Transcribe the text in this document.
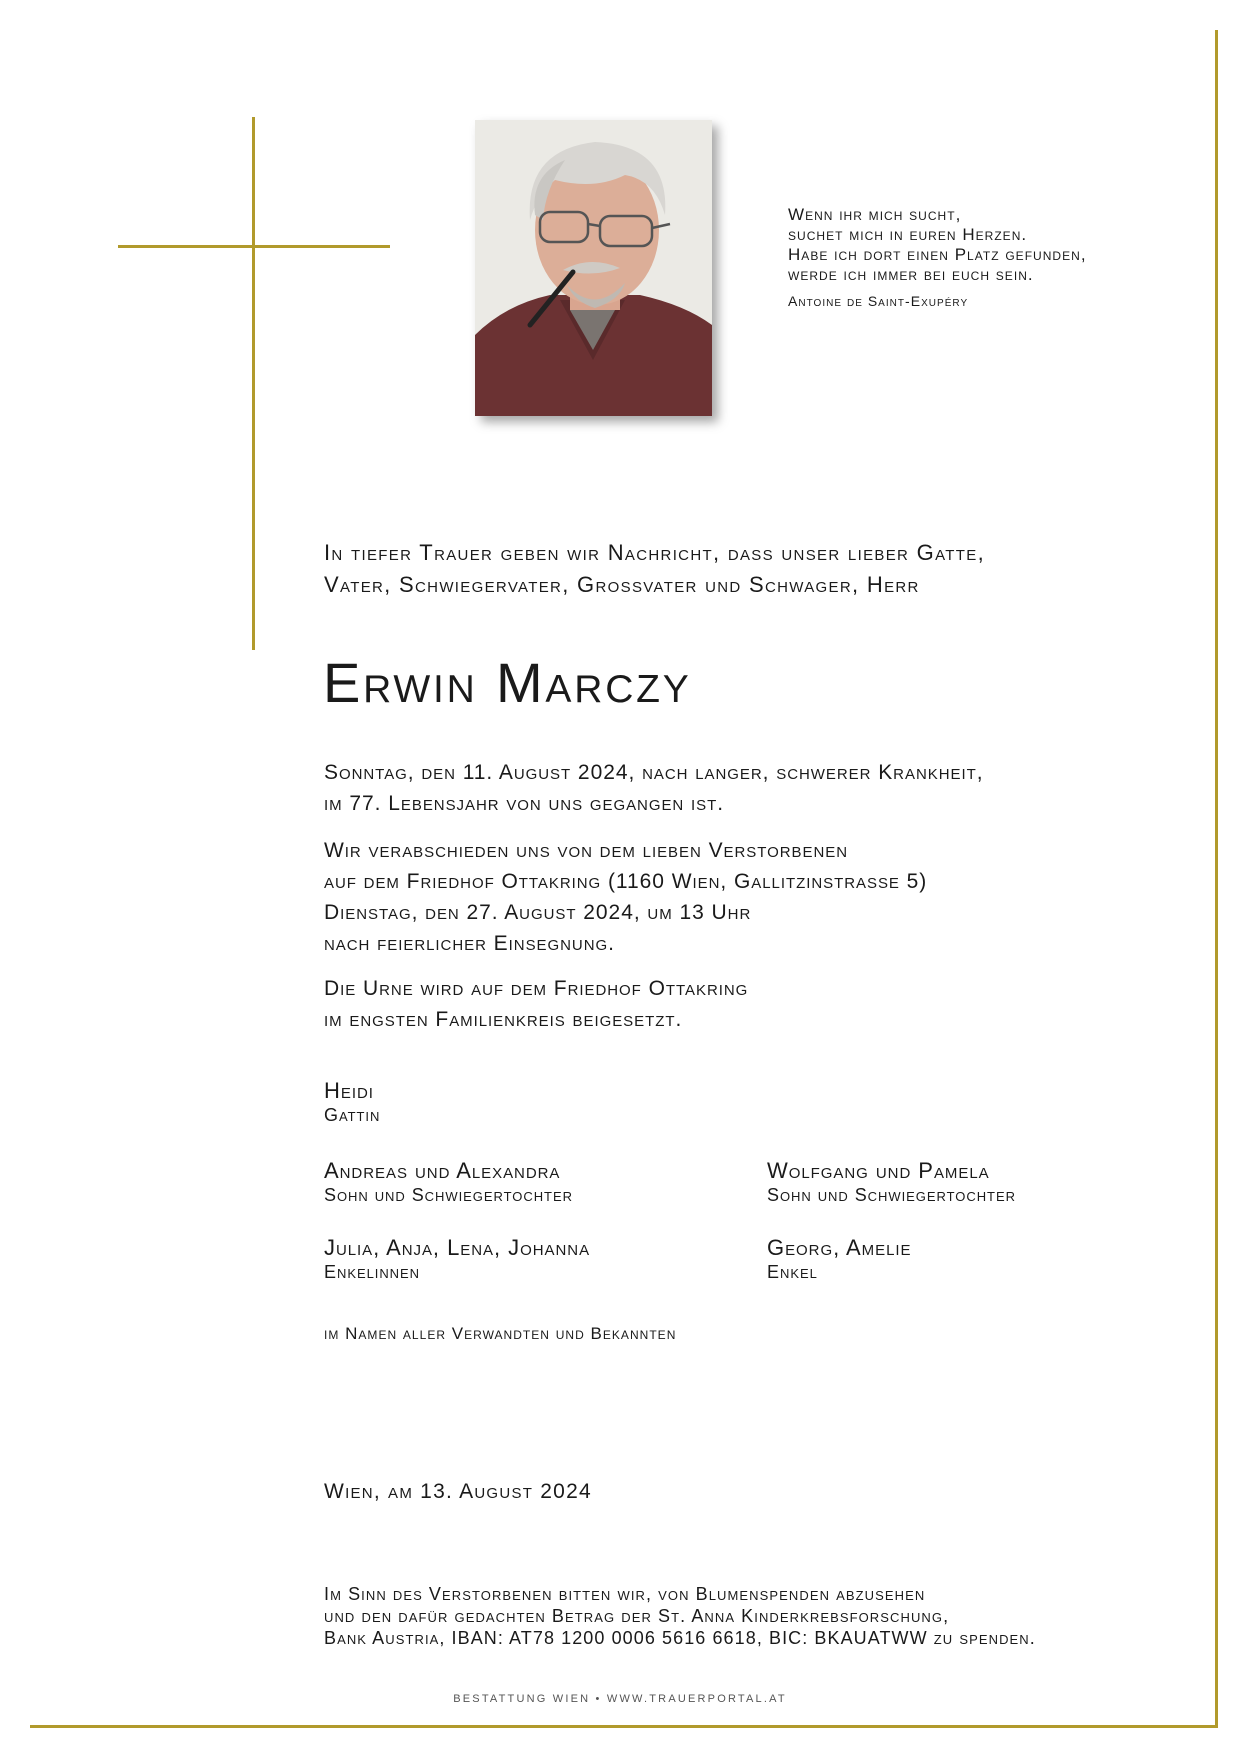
Wenn ihr mich sucht,
suchet mich in euren Herzen.
Habe ich dort einen Platz gefunden,
werde ich immer bei euch sein.
Antoine de Saint-Exupéry
In tiefer Trauer geben wir Nachricht, dass unser lieber Gatte,
Vater, Schwiegervater, Grossvater und Schwager, Herr
Erwin Marczy

Sonntag, den 11. August 2024, nach langer, schwerer Krankheit,

im 77. Lebensjahr von uns gegangen ist.

Wir verabschieden uns von dem lieben Verstorbenen

auf dem Friedhof Ottakring (1160 Wien, Gallitzinstrasse 5)

Dienstag, den 27. August 2024, um 13 Uhr

nach feierlicher Einsegnung.

Die Urne wird auf dem Friedhof Ottakring

im engsten Familienkreis beigesetzt.

Heidi
Gattin
Andreas und Alexandra
Sohn und Schwiegertochter
Wolfgang und Pamela
Sohn und Schwiegertochter
Julia, Anja, Lena, Johanna
Enkelinnen
Georg, Amelie
Enkel
im Namen aller Verwandten und Bekannten
Wien, am 13. August 2024
Im Sinn des Verstorbenen bitten wir, von Blumenspenden abzusehen
und den dafür gedachten Betrag der St. Anna Kinderkrebsforschung,
Bank Austria, IBAN: AT78 1200 0006 5616 6618, BIC: BKAUATWW zu spenden.
BESTATTUNG WIEN • WWW.TRAUERPORTAL.AT
